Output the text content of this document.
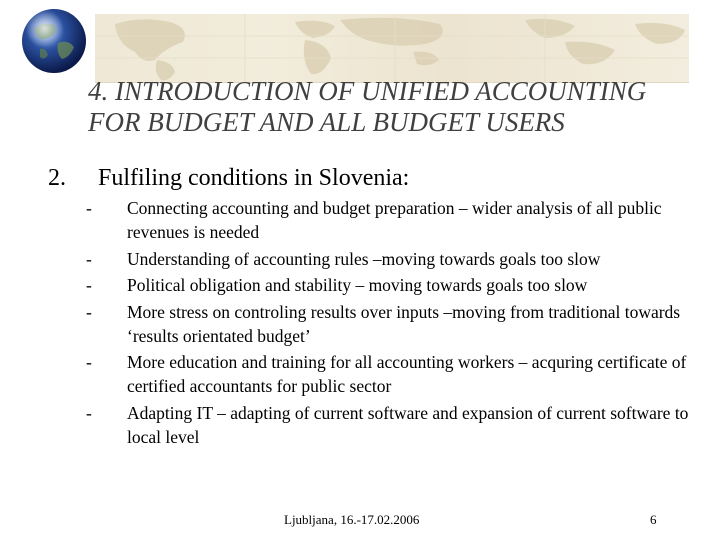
4. INTRODUCTION OF UNIFIED ACCOUNTING
FOR BUDGET AND ALL BUDGET USERS
2. Fulfiling conditions in Slovenia:
- Connecting accounting and budget preparation – wider analysis of all public revenues is needed
- Understanding of accounting rules –moving towards goals too slow
- Political obligation and stability – moving towards goals too slow
- More stress on controling results over inputs –moving from traditional towards ‘results orientated budget’
- More education and training for all accounting workers – acquring certificate of certified accountants for public sector
- Adapting IT – adapting of current software and expansion of current software to local level
Ljubljana, 16.-17.02.2006	6
